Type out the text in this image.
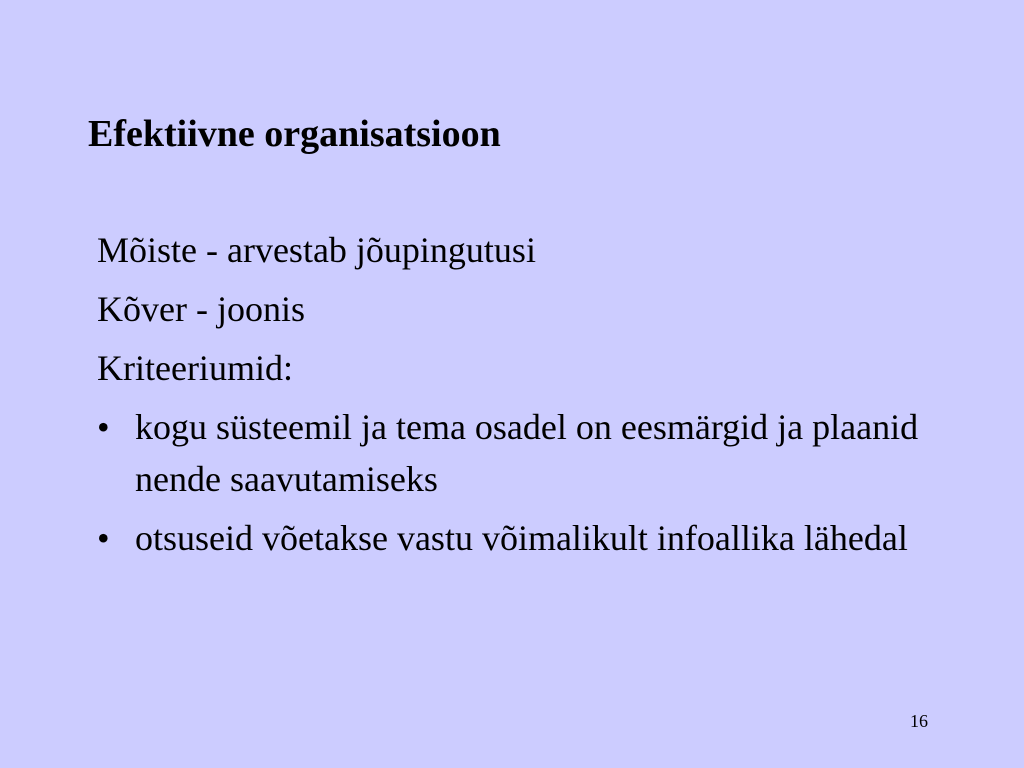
Efektiivne organisatsioon
Mõiste - arvestab jõupingutusi
Kõver - joonis
Kriteeriumid:
• kogu süsteemil ja tema osadel on eesmärgid ja plaanid nende saavutamiseks
• otsuseid võetakse vastu võimalikult infoallika lähedal
16
